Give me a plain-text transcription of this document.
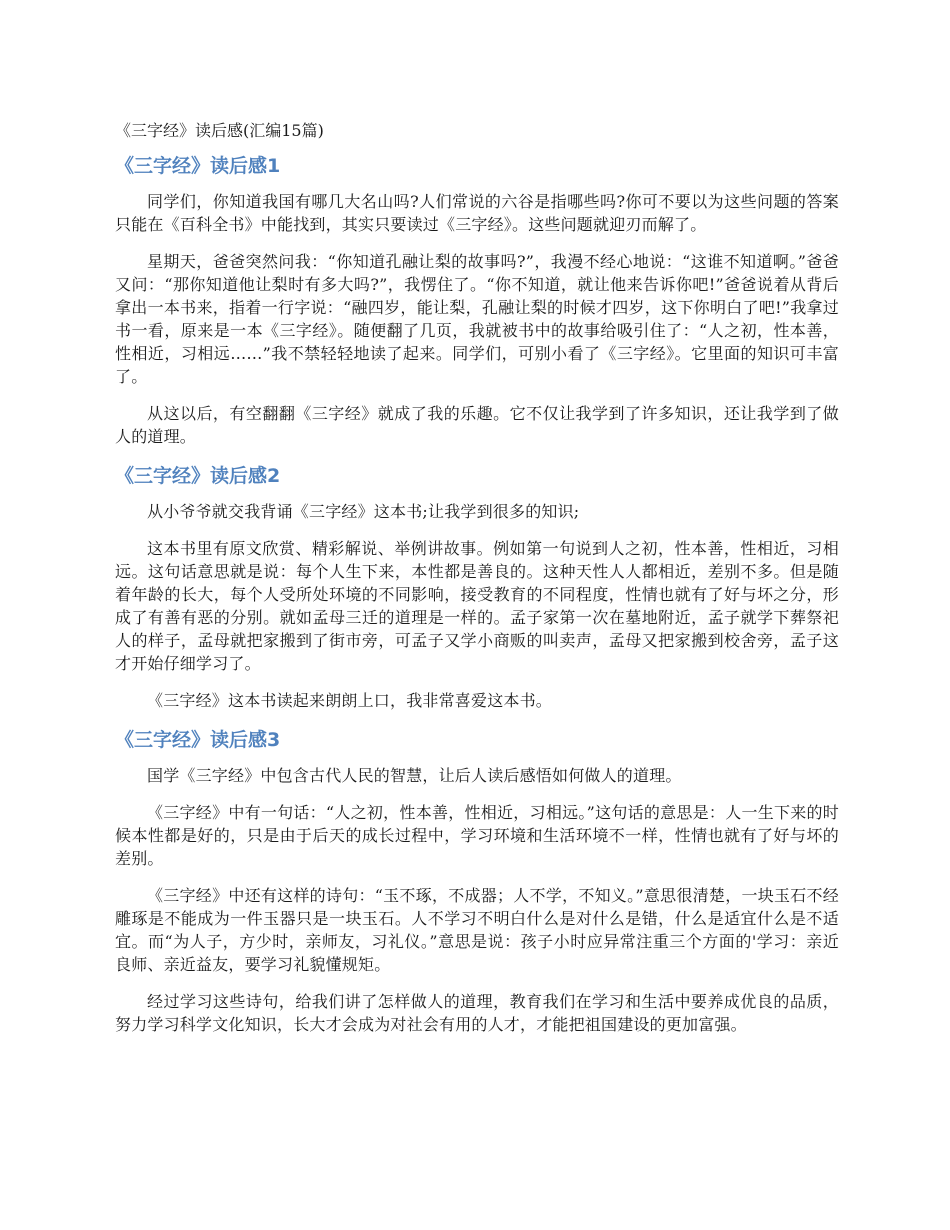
《三字经》读后感(汇编15篇)
《三字经》读后感1

同学们，你知道我国有哪几大名山吗?人们常说的六谷是指哪些吗?你可不要以为这些问题的答案只能在《百科全书》中能找到，其实只要读过《三字经》。这些问题就迎刃而解了。

星期天，爸爸突然问我：“你知道孔融让梨的故事吗?”，我漫不经心地说：“这谁不知道啊。”爸爸又问：“那你知道他让梨时有多大吗?”，我愣住了。“你不知道，就让他来告诉你吧!”爸爸说着从背后拿出一本书来，指着一行字说：“融四岁，能让梨，孔融让梨的时候才四岁，这下你明白了吧!”我拿过书一看，原来是一本《三字经》。随便翻了几页，我就被书中的故事给吸引住了：“人之初，性本善，性相近，习相远……”我不禁轻轻地读了起来。同学们，可别小看了《三字经》。它里面的知识可丰富了。

从这以后，有空翻翻《三字经》就成了我的乐趣。它不仅让我学到了许多知识，还让我学到了做人的道理。

《三字经》读后感2

从小爷爷就交我背诵《三字经》这本书;让我学到很多的知识;

这本书里有原文欣赏、精彩解说、举例讲故事。例如第一句说到人之初，性本善，性相近，习相远。这句话意思就是说：每个人生下来，本性都是善良的。这种天性人人都相近，差别不多。但是随着年龄的长大，每个人受所处环境的不同影响，接受教育的不同程度，性情也就有了好与坏之分，形成了有善有恶的分别。就如孟母三迁的道理是一样的。孟子家第一次在墓地附近，孟子就学下葬祭祀人的样子，孟母就把家搬到了街市旁，可孟子又学小商贩的叫卖声，孟母又把家搬到校舍旁，孟子这才开始仔细学习了。

《三字经》这本书读起来朗朗上口，我非常喜爱这本书。

《三字经》读后感3

国学《三字经》中包含古代人民的智慧，让后人读后感悟如何做人的道理。

《三字经》中有一句话：“人之初，性本善，性相近，习相远。”这句话的意思是：人一生下来的时候本性都是好的，只是由于后天的成长过程中，学习环境和生活环境不一样，性情也就有了好与坏的差别。

《三字经》中还有这样的诗句：“玉不琢，不成器；人不学，不知义。”意思很清楚，一块玉石不经雕琢是不能成为一件玉器只是一块玉石。人不学习不明白什么是对什么是错，什么是适宜什么是不适宜。而“为人子，方少时，亲师友，习礼仪。”意思是说：孩子小时应异常注重三个方面的'学习：亲近良师、亲近益友，要学习礼貌懂规矩。

经过学习这些诗句，给我们讲了怎样做人的道理，教育我们在学习和生活中要养成优良的品质，努力学习科学文化知识，长大才会成为对社会有用的人才，才能把祖国建设的更加富强。
